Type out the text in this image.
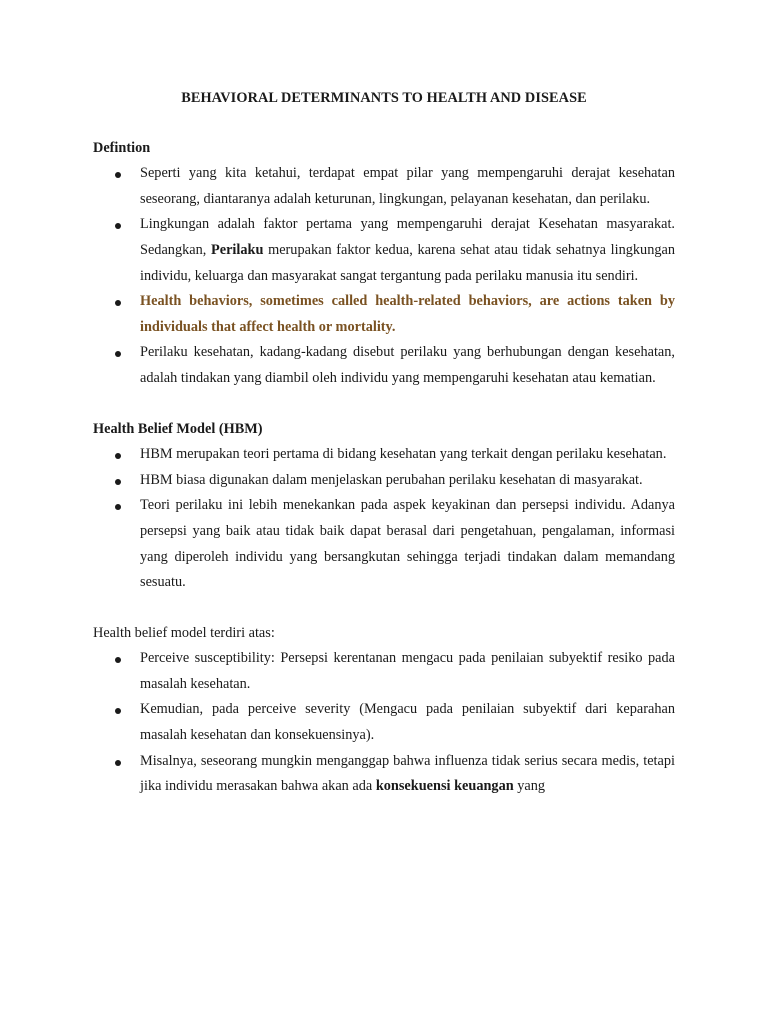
BEHAVIORAL DETERMINANTS TO HEALTH AND DISEASE

Defintion

Seperti yang kita ketahui, terdapat empat pilar yang mempengaruhi derajat kesehatan seseorang, diantaranya adalah keturunan, lingkungan, pelayanan kesehatan, dan perilaku.
Lingkungan adalah faktor pertama yang mempengaruhi derajat Kesehatan masyarakat. Sedangkan, Perilaku merupakan faktor kedua, karena sehat atau tidak sehatnya lingkungan individu, keluarga dan masyarakat sangat tergantung pada perilaku manusia itu sendiri.
Health behaviors, sometimes called health-related behaviors, are actions taken by individuals that affect health or mortality.
Perilaku kesehatan, kadang-kadang disebut perilaku yang berhubungan dengan kesehatan, adalah tindakan yang diambil oleh individu yang mempengaruhi kesehatan atau kematian.

Health Belief Model (HBM)

HBM merupakan teori pertama di bidang kesehatan yang terkait dengan perilaku kesehatan.
HBM biasa digunakan dalam menjelaskan perubahan perilaku kesehatan di masyarakat.
Teori perilaku ini lebih menekankan pada aspek keyakinan dan persepsi individu. Adanya persepsi yang baik atau tidak baik dapat berasal dari pengetahuan, pengalaman, informasi yang diperoleh individu yang bersangkutan sehingga terjadi tindakan dalam memandang sesuatu.

Health belief model terdiri atas:

Perceive susceptibility: Persepsi kerentanan mengacu pada penilaian subyektif resiko pada masalah kesehatan.
Kemudian, pada perceive severity (Mengacu pada penilaian subyektif dari keparahan masalah kesehatan dan konsekuensinya).
Misalnya, seseorang mungkin menganggap bahwa influenza tidak serius secara medis, tetapi jika individu merasakan bahwa akan ada konsekuensi keuangan yang
